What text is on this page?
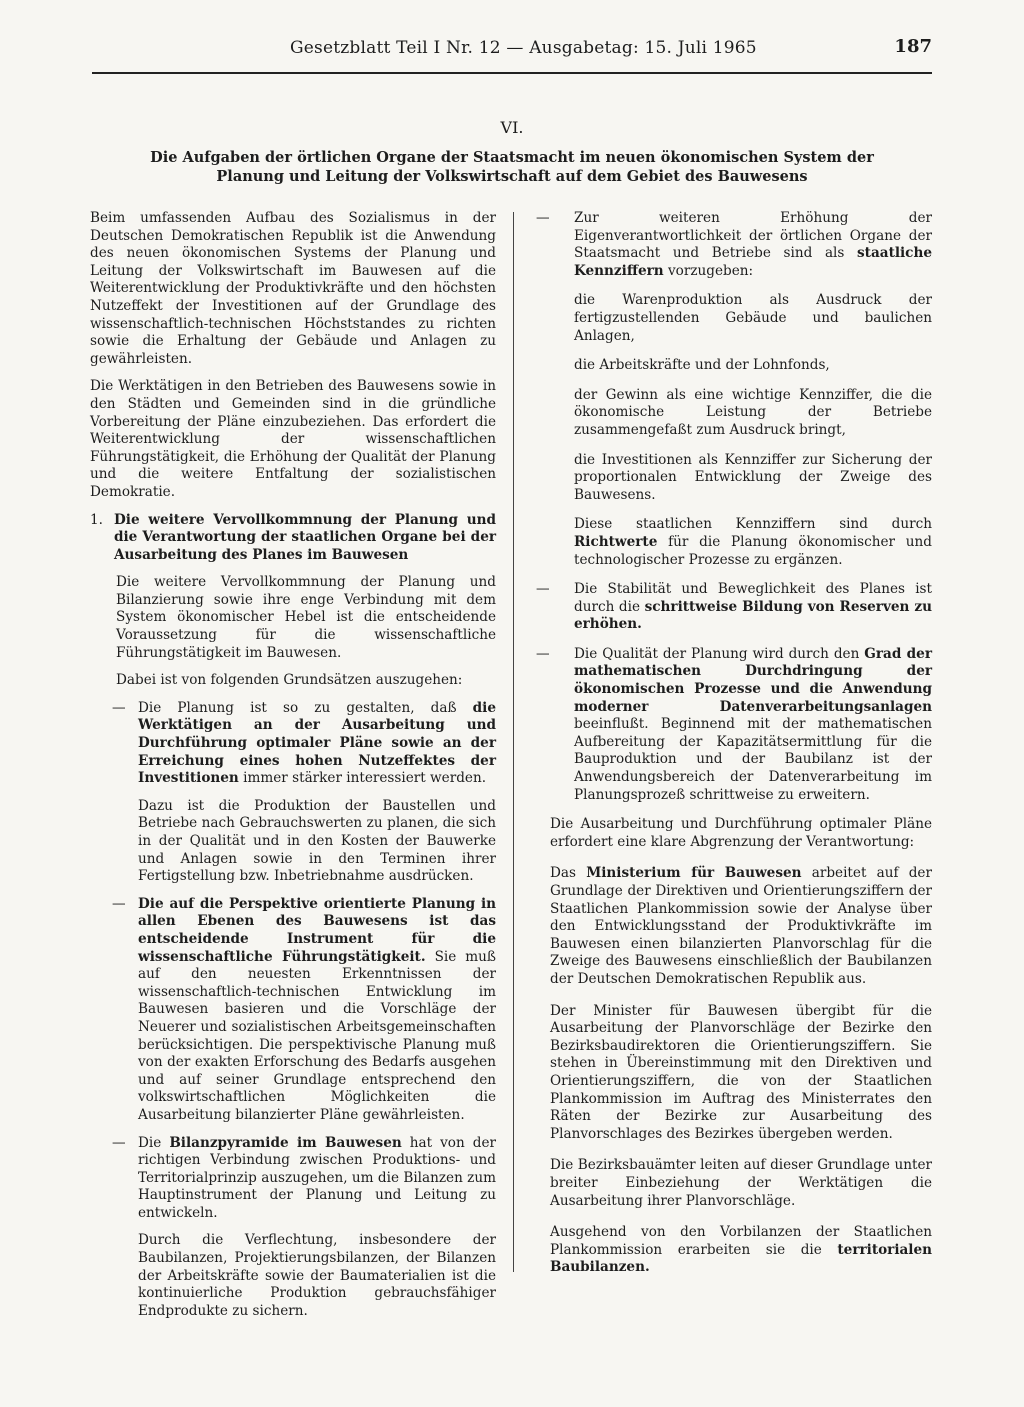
Gesetzblatt Teil I Nr. 12 — Ausgabetag: 15. Juli 1965	187
VI.
Die Aufgaben der örtlichen Organe der Staatsmacht im neuen ökonomischen System der Planung und Leitung der Volkswirtschaft auf dem Gebiet des Bauwesens

Beim umfassenden Aufbau des Sozialismus in der Deutschen Demokratischen Republik ist die Anwendung des neuen ökonomischen Systems der Planung und Leitung der Volkswirtschaft im Bauwesen auf die Weiterentwicklung der Produktivkräfte und den höchsten Nutzeffekt der Investitionen auf der Grundlage des wissenschaftlich-technischen Höchststandes zu richten sowie die Erhaltung der Gebäude und Anlagen zu gewährleisten.

Die Werktätigen in den Betrieben des Bauwesens sowie in den Städten und Gemeinden sind in die gründliche Vorbereitung der Pläne einzubeziehen. Das erfordert die Weiterentwicklung der wissenschaftlichen Führungstätigkeit, die Erhöhung der Qualität der Planung und die weitere Entfaltung der sozialistischen Demokratie.

1. Die weitere Vervollkommnung der Planung und die Verantwortung der staatlichen Organe bei der Ausarbeitung des Planes im Bauwesen

Die weitere Vervollkommnung der Planung und Bilanzierung sowie ihre enge Verbindung mit dem System ökonomischer Hebel ist die entscheidende Voraussetzung für die wissenschaftliche Führungstätigkeit im Bauwesen.

Dabei ist von folgenden Grundsätzen auszugehen:

— Die Planung ist so zu gestalten, daß die Werktätigen an der Ausarbeitung und Durchführung optimaler Pläne sowie an der Erreichung eines hohen Nutzeffektes der Investitionen immer stärker interessiert werden.

Dazu ist die Produktion der Baustellen und Betriebe nach Gebrauchswerten zu planen, die sich in der Qualität und in den Kosten der Bauwerke und Anlagen sowie in den Terminen ihrer Fertigstellung bzw. Inbetriebnahme ausdrücken.

— Die auf die Perspektive orientierte Planung in allen Ebenen des Bauwesens ist das entscheidende Instrument für die wissenschaftliche Führungstätigkeit. Sie muß auf den neuesten Erkenntnissen der wissenschaftlich-technischen Entwicklung im Bauwesen basieren und die Vorschläge der Neuerer und sozialistischen Arbeitsgemeinschaften berücksichtigen. Die perspektivische Planung muß von der exakten Erforschung des Bedarfs ausgehen und auf seiner Grundlage entsprechend den volkswirtschaftlichen Möglichkeiten die Ausarbeitung bilanzierter Pläne gewährleisten.
— Die Bilanzpyramide im Bauwesen hat von der richtigen Verbindung zwischen Produktions- und Territorialprinzip auszugehen, um die Bilanzen zum Hauptinstrument der Planung und Leitung zu entwickeln.

Durch die Verflechtung, insbesondere der Baubilanzen, Projektierungsbilanzen, der Bilanzen der Arbeitskräfte sowie der Baumaterialien ist die kontinuierliche Produktion gebrauchsfähiger Endprodukte zu sichern.

— Zur weiteren Erhöhung der Eigenverantwortlichkeit der örtlichen Organe der Staatsmacht und Betriebe sind als staatliche Kennziffern vorzugeben:

die Warenproduktion als Ausdruck der fertigzustellenden Gebäude und baulichen Anlagen,

die Arbeitskräfte und der Lohnfonds,

der Gewinn als eine wichtige Kennziffer, die die ökonomische Leistung der Betriebe zusammengefaßt zum Ausdruck bringt,

die Investitionen als Kennziffer zur Sicherung der proportionalen Entwicklung der Zweige des Bauwesens.

Diese staatlichen Kennziffern sind durch Richtwerte für die Planung ökonomischer und technologischer Prozesse zu ergänzen.

— Die Stabilität und Beweglichkeit des Planes ist durch die schrittweise Bildung von Reserven zu erhöhen.
— Die Qualität der Planung wird durch den Grad der mathematischen Durchdringung der ökonomischen Prozesse und die Anwendung moderner Datenverarbeitungsanlagen beeinflußt. Beginnend mit der mathematischen Aufbereitung der Kapazitätsermittlung für die Bauproduktion und der Baubilanz ist der Anwendungsbereich der Datenverarbeitung im Planungsprozeß schrittweise zu erweitern.

Die Ausarbeitung und Durchführung optimaler Pläne erfordert eine klare Abgrenzung der Verantwortung:

Das Ministerium für Bauwesen arbeitet auf der Grundlage der Direktiven und Orientierungsziffern der Staatlichen Plankommission sowie der Analyse über den Entwicklungsstand der Produktivkräfte im Bauwesen einen bilanzierten Planvorschlag für die Zweige des Bauwesens einschließlich der Baubilanzen der Deutschen Demokratischen Republik aus.

Der Minister für Bauwesen übergibt für die Ausarbeitung der Planvorschläge der Bezirke den Bezirksbaudirektoren die Orientierungsziffern. Sie stehen in Übereinstimmung mit den Direktiven und Orientierungsziffern, die von der Staatlichen Plankommission im Auftrag des Ministerrates den Räten der Bezirke zur Ausarbeitung des Planvorschlages des Bezirkes übergeben werden.

Die Bezirksbauämter leiten auf dieser Grundlage unter breiter Einbeziehung der Werktätigen die Ausarbeitung ihrer Planvorschläge.

Ausgehend von den Vorbilanzen der Staatlichen Plankommission erarbeiten sie die territorialen Baubilanzen.
